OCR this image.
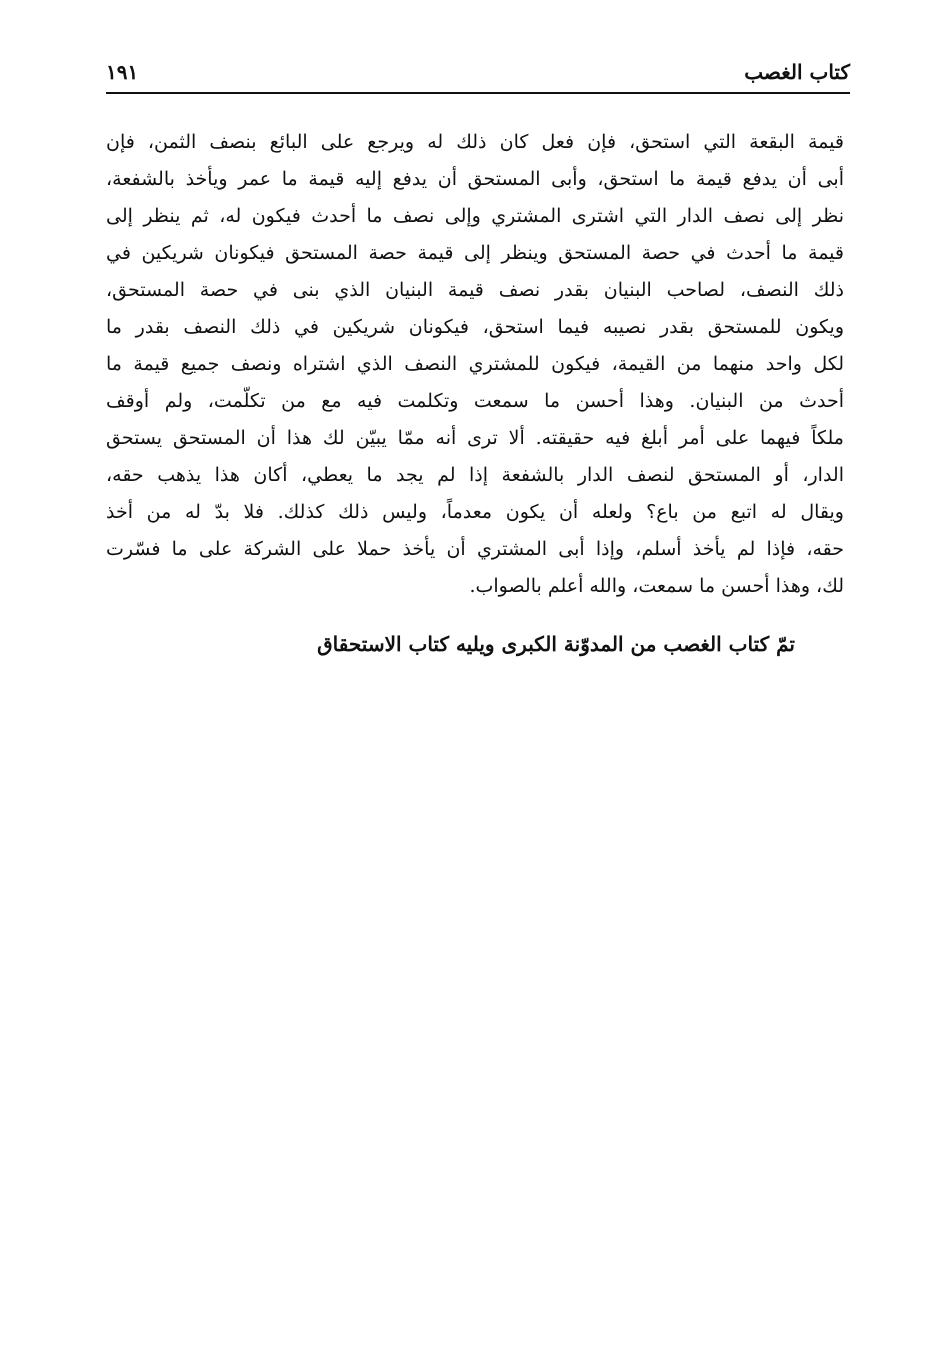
كتاب الغصب
١٩١
قيمة البقعة التي استحق، فإن فعل كان ذلك له ويرجع على البائع بنصف الثمن، فإن
أبى أن يدفع قيمة ما استحق، وأبى المستحق أن يدفع إليه قيمة ما عمر ويأخذ بالشفعة،
نظر إلى نصف الدار التي اشترى المشتري وإلى نصف ما أحدث فيكون له، ثم ينظر إلى
قيمة ما أحدث في حصة المستحق وينظر إلى قيمة حصة المستحق فيكونان شريكين في
ذلك النصف، لصاحب البنيان بقدر نصف قيمة البنيان الذي بنى في حصة المستحق،
ويكون للمستحق بقدر نصيبه فيما استحق، فيكونان شريكين في ذلك النصف بقدر ما
لكل واحد منهما من القيمة، فيكون للمشتري النصف الذي اشتراه ونصف جميع قيمة ما
أحدث من البنيان. وهذا أحسن ما سمعت وتكلمت فيه مع من تكلّمت، ولم أوقف
ملكاً فيهما على أمر أبلغ فيه حقيقته. ألا ترى أنه ممّا يبيّن لك هذا أن المستحق يستحق
الدار، أو المستحق لنصف الدار بالشفعة إذا لم يجد ما يعطي، أكان هذا يذهب حقه،
ويقال له اتبع من باع؟ ولعله أن يكون معدماً، وليس ذلك كذلك. فلا بدّ له من أخذ
حقه، فإذا لم يأخذ أسلم، وإذا أبى المشتري أن يأخذ حملا على الشركة على ما فسّرت
لك، وهذا أحسن ما سمعت، والله أعلم بالصواب.
تمّ كتاب الغصب من المدوّنة الكبرى ويليه كتاب الاستحقاق
